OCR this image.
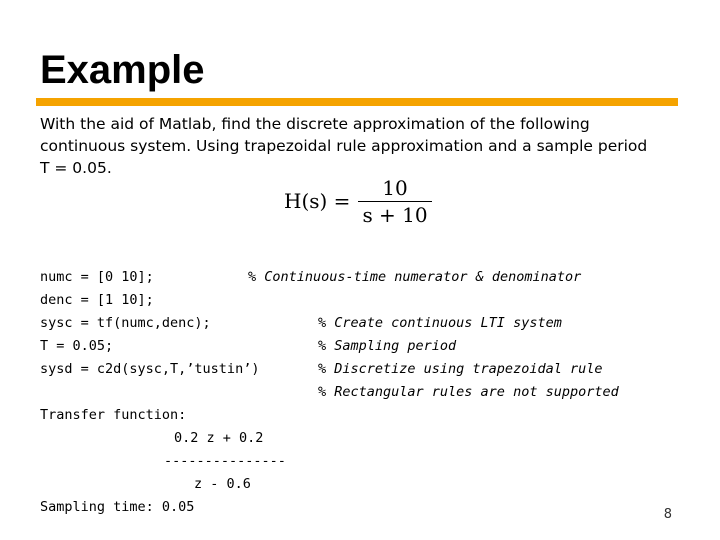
Example

With the aid of Matlab, find the discrete approximation of the following
continuous system. Using trapezoidal rule approximation and a sample period
T = 0.05.

$H(s) = \frac{10}{s + 10}$
numc = [0 10];	% Continuous-time numerator & denominator
denc = [1 10];
sysc = tf(numc,denc);	% Create continuous LTI system
T = 0.05;	% Sampling period
sysd = c2d(sysc,T,’tustin’)	% Discretize using trapezoidal rule
% Rectangular rules are not supported
Transfer function:
0.2 z + 0.2
---------------
z - 0.6
Sampling time: 0.05	8
